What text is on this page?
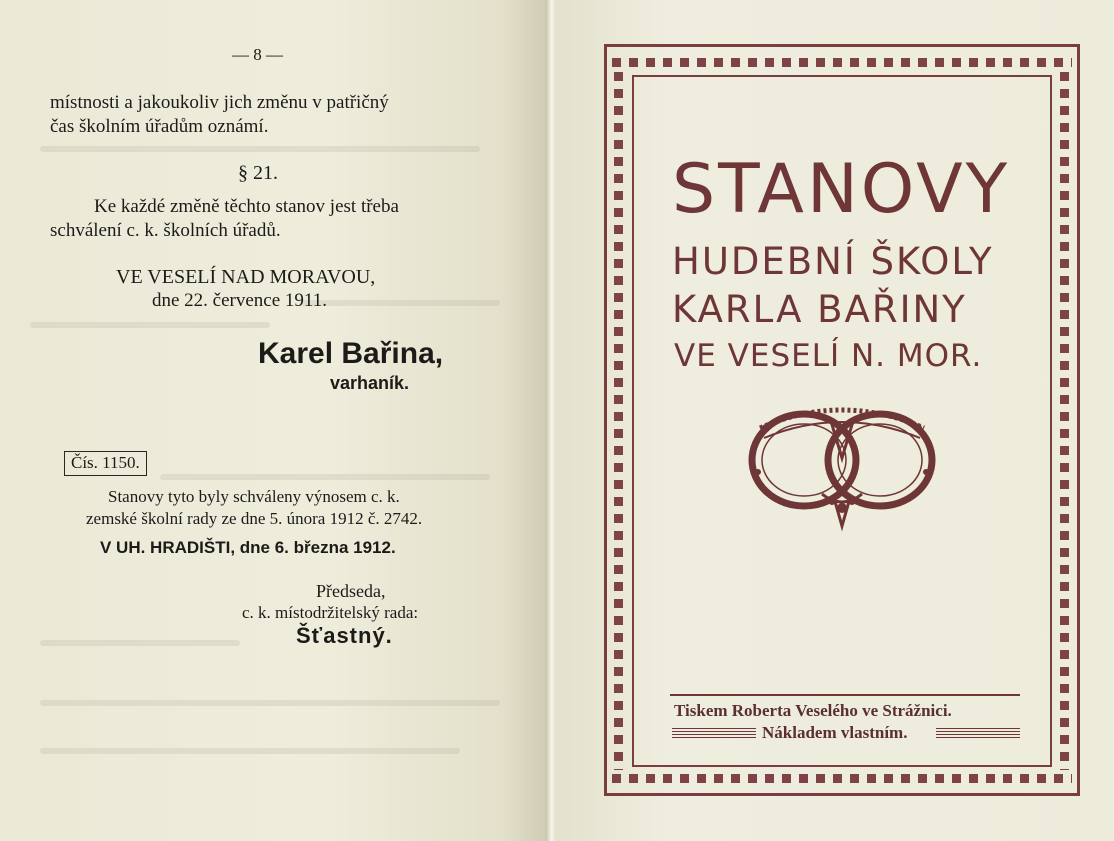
— 8 —
místnosti a jakoukoliv jich změnu v patřičný
čas školním úřadům oznámí.
§ 21.
Ke každé změně těchto stanov jest třeba
schválení c. k. školních úřadů.
VE VESELÍ NAD MORAVOU,
dne 22. července 1911.
Karel Bařina,
varhaník.
Čís. 1150.
Stanovy tyto byly schváleny výnosem c. k.
zemské školní rady ze dne 5. února 1912 č. 2742.
V UH. HRADIŠTI, dne 6. března 1912.
Předseda,
c. k. místodržitelský rada:
Šťastný.
STANOVY
HUDEBNÍ ŠKOLY
KARLA BAŘINY
VE VESELÍ N. MOR.
Tiskem Roberta Veselého ve Strážnici.
Nákladem vlastním.
